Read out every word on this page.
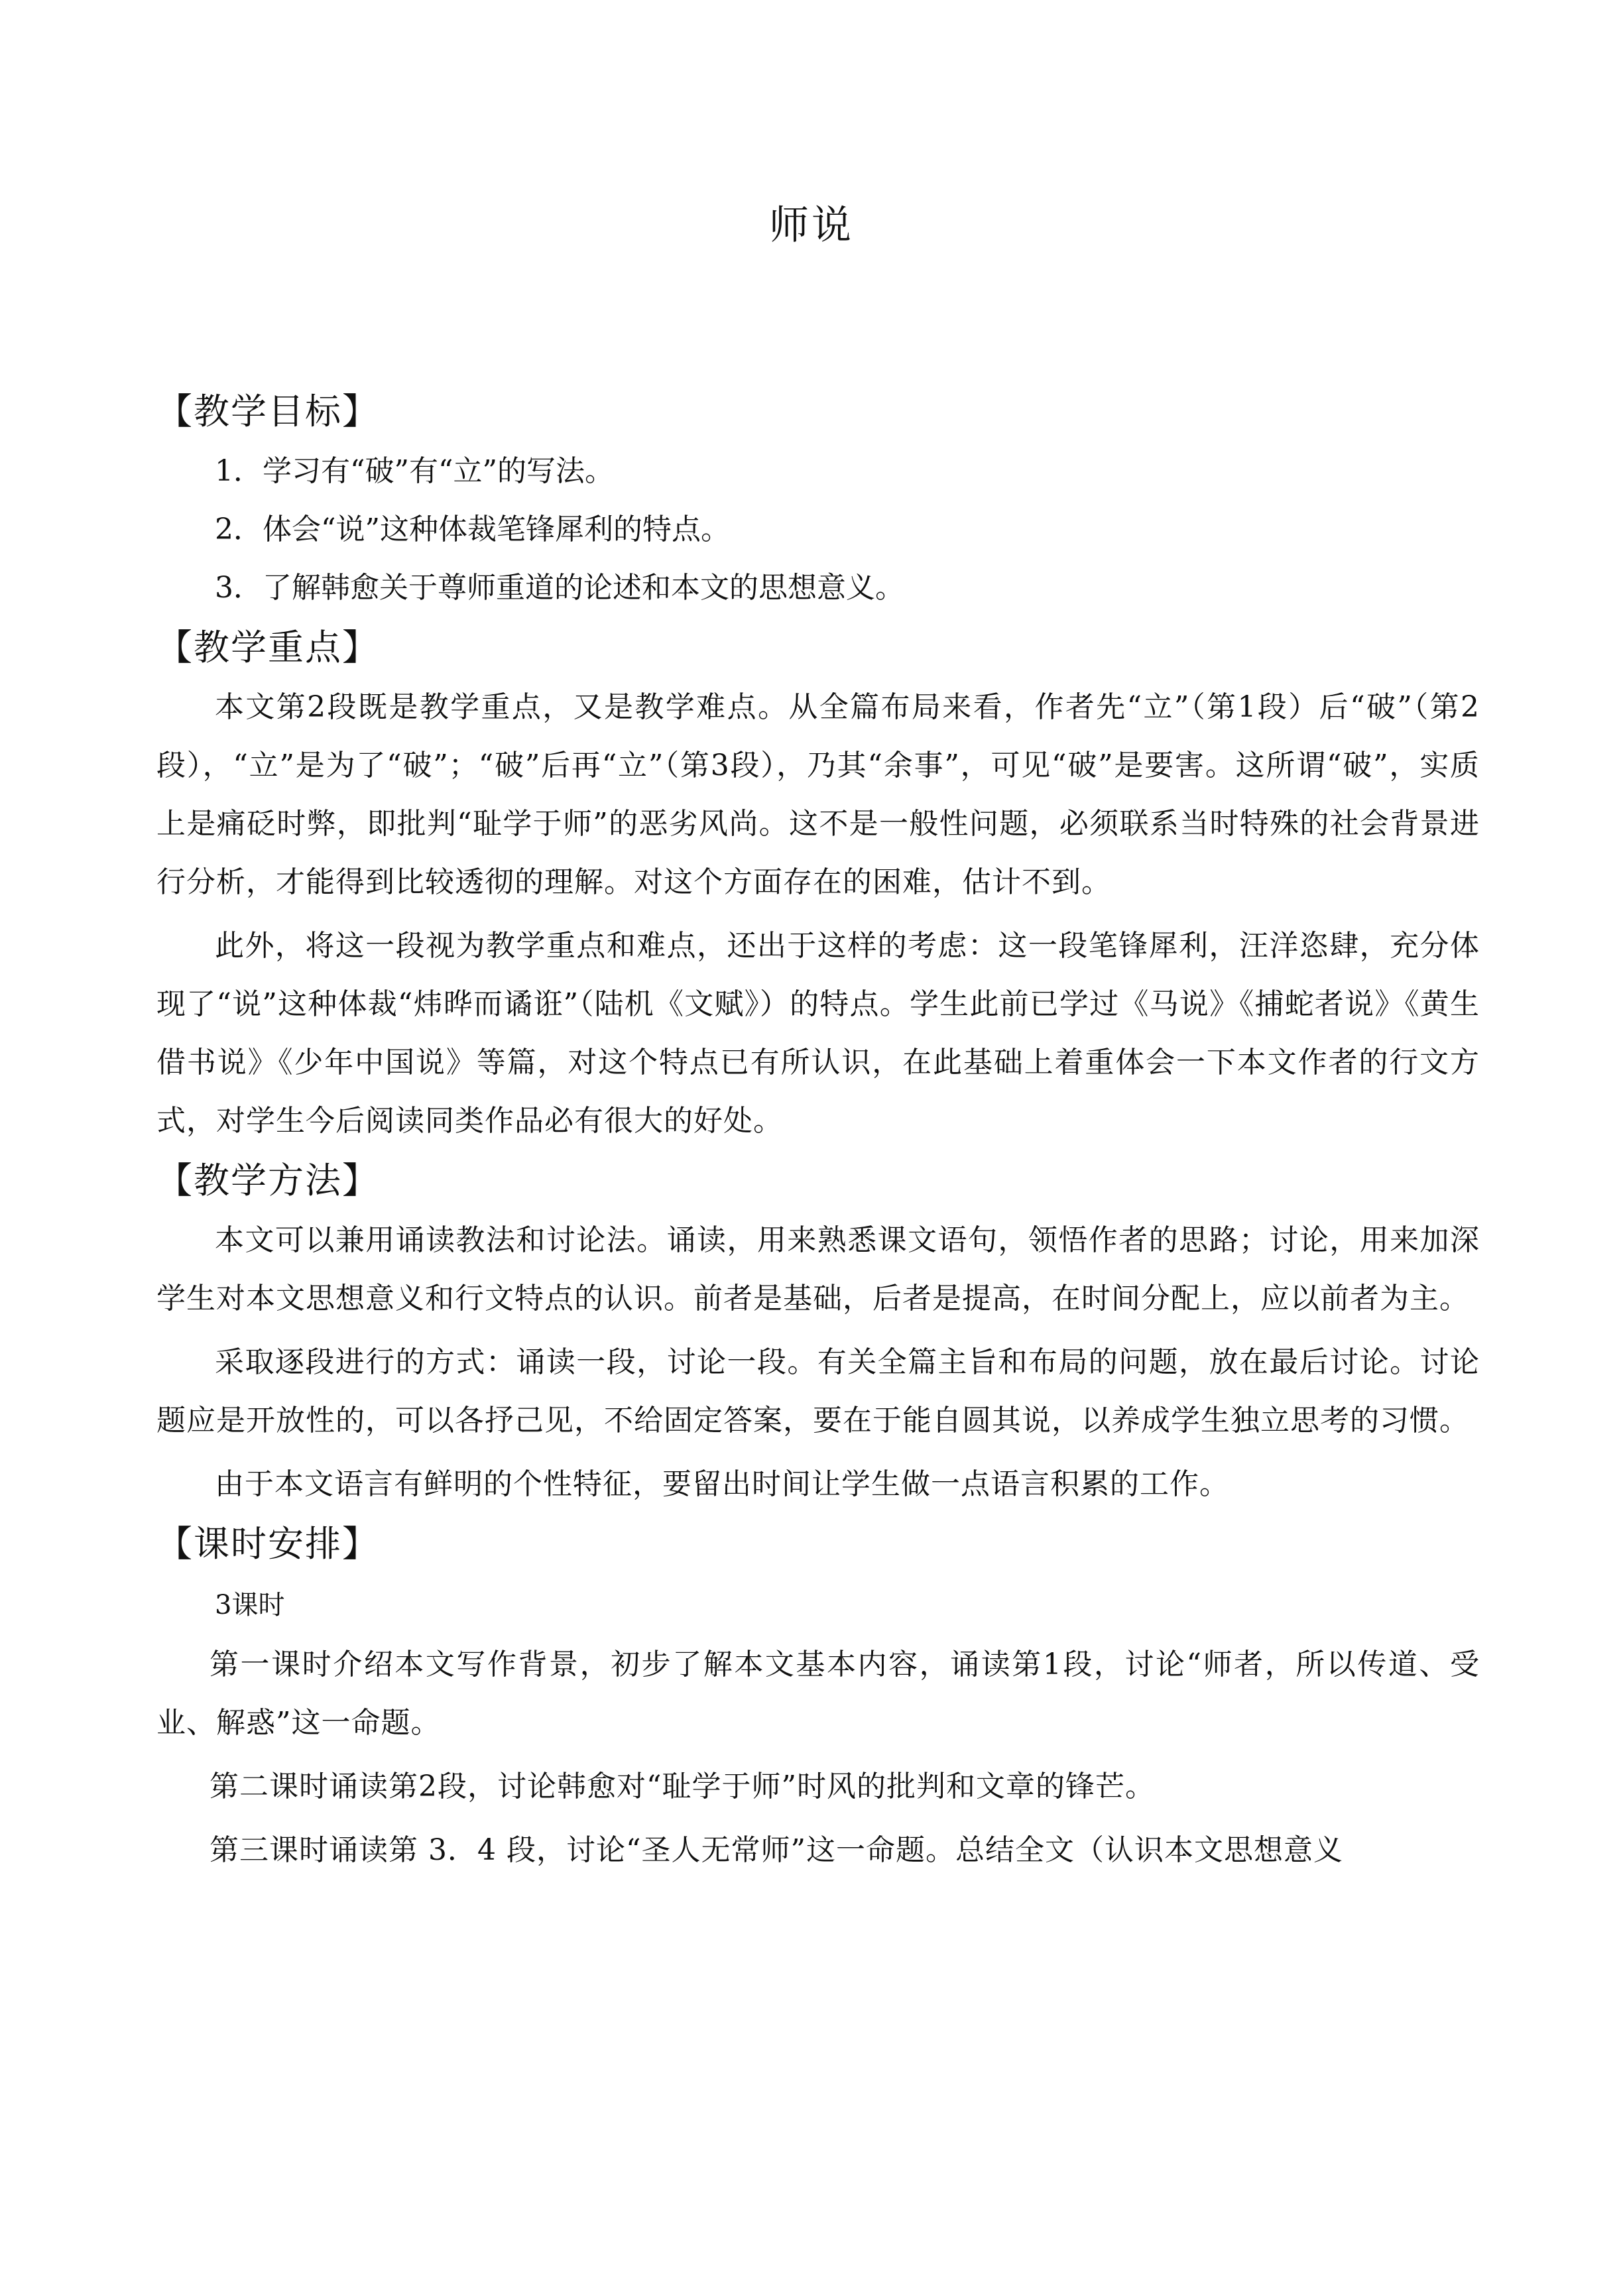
师说

【教学目标】

1．学习有“破”有“立”的写法。

2．体会“说”这种体裁笔锋犀利的特点。

3．了解韩愈关于尊师重道的论述和本文的思想意义。

【教学重点】

本文第2段既是教学重点，又是教学难点。从全篇布局来看，作者先“立”（第1段）后“破”（第2段），“立”是为了“破”；“破”后再“立”（第3段），乃其“余事”，可见“破”是要害。这所谓“破”，实质上是痛砭时弊，即批判“耻学于师”的恶劣风尚。这不是一般性问题，必须联系当时特殊的社会背景进行分析，才能得到比较透彻的理解。对这个方面存在的困难，估计不到。

此外，将这一段视为教学重点和难点，还出于这样的考虑：这一段笔锋犀利，汪洋恣肆，充分体现了“说”这种体裁“炜晔而谲诳”（陆机《文赋》）的特点。学生此前已学过《马说》《捕蛇者说》《黄生借书说》《少年中国说》等篇，对这个特点已有所认识，在此基础上着重体会一下本文作者的行文方式，对学生今后阅读同类作品必有很大的好处。

【教学方法】

本文可以兼用诵读教法和讨论法。诵读，用来熟悉课文语句，领悟作者的思路；讨论，用来加深学生对本文思想意义和行文特点的认识。前者是基础，后者是提高，在时间分配上，应以前者为主。

采取逐段进行的方式：诵读一段，讨论一段。有关全篇主旨和布局的问题，放在最后讨论。讨论题应是开放性的，可以各抒己见，不给固定答案，要在于能自圆其说，以养成学生独立思考的习惯。

由于本文语言有鲜明的个性特征，要留出时间让学生做一点语言积累的工作。

【课时安排】

3课时

第一课时介绍本文写作背景，初步了解本文基本内容，诵读第1段，讨论“师者，所以传道、受业、解惑”这一命题。

第二课时诵读第2段，讨论韩愈对“耻学于师”时风的批判和文章的锋芒。

第三课时诵读第 3．4 段，讨论“圣人无常师”这一命题。总结全文（认识本文思想意义
